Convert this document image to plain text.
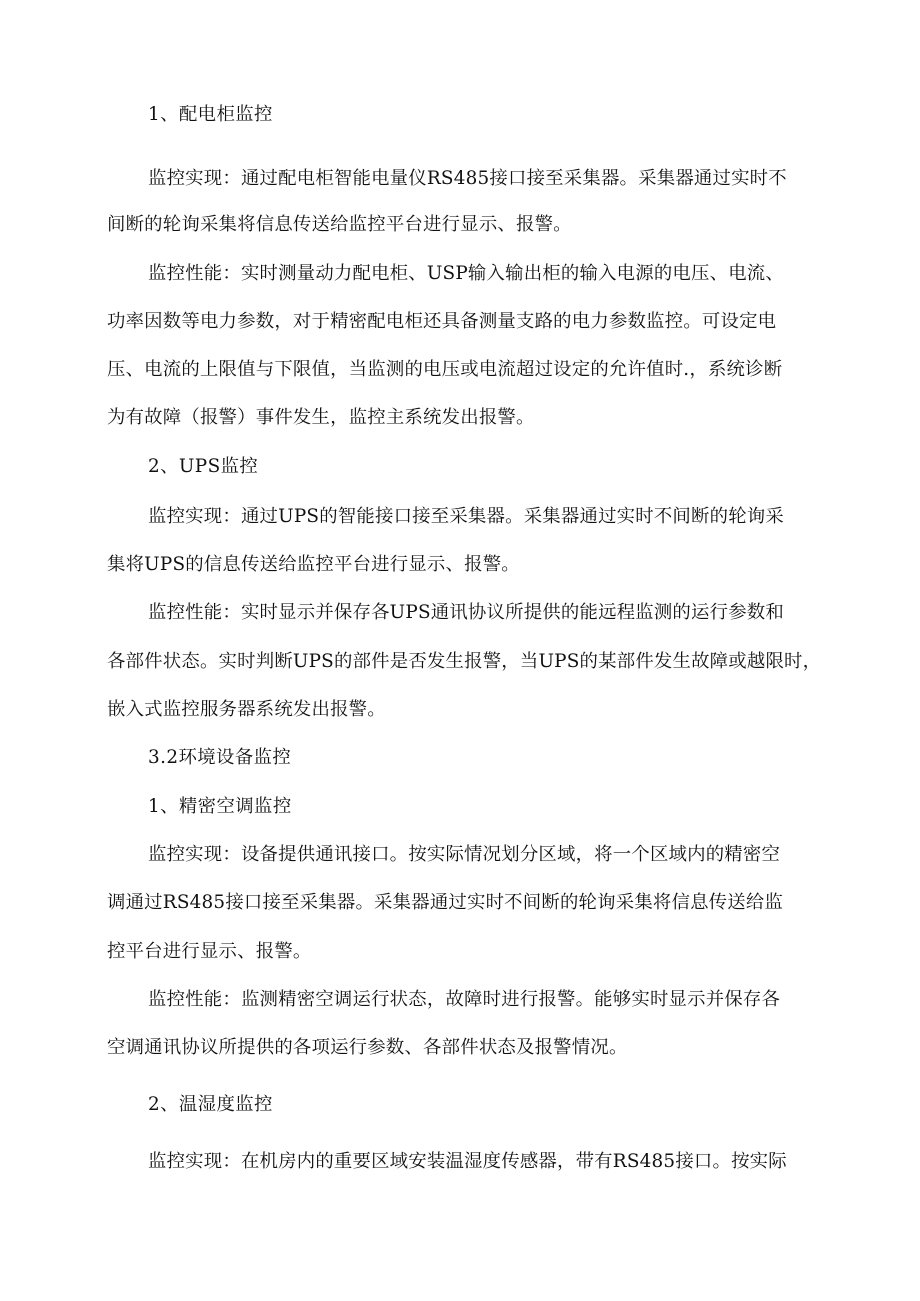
1、配电柜监控
监控实现：通过配电柜智能电量仪RS485接口接至采集器。采集器通过实时不
间断的轮询采集将信息传送给监控平台进行显示、报警。
监控性能：实时测量动力配电柜、USP输入输出柜的输入电源的电压、电流、
功率因数等电力参数，对于精密配电柜还具备测量支路的电力参数监控。可设定电
压、电流的上限值与下限值，当监测的电压或电流超过设定的允许值时.，系统诊断
为有故障（报警）事件发生，监控主系统发出报警。
2、UPS监控
监控实现：通过UPS的智能接口接至采集器。采集器通过实时不间断的轮询采
集将UPS的信息传送给监控平台进行显示、报警。
监控性能：实时显示并保存各UPS通讯协议所提供的能远程监测的运行参数和
各部件状态。实时判断UPS的部件是否发生报警，当UPS的某部件发生故障或越限时，
嵌入式监控服务器系统发出报警。
3.2环境设备监控
1、精密空调监控
监控实现：设备提供通讯接口。按实际情况划分区域，将一个区域内的精密空
调通过RS485接口接至采集器。采集器通过实时不间断的轮询采集将信息传送给监
控平台进行显示、报警。
监控性能：监测精密空调运行状态，故障时进行报警。能够实时显示并保存各
空调通讯协议所提供的各项运行参数、各部件状态及报警情况。
2、温湿度监控
监控实现：在机房内的重要区域安装温湿度传感器，带有RS485接口。按实际
